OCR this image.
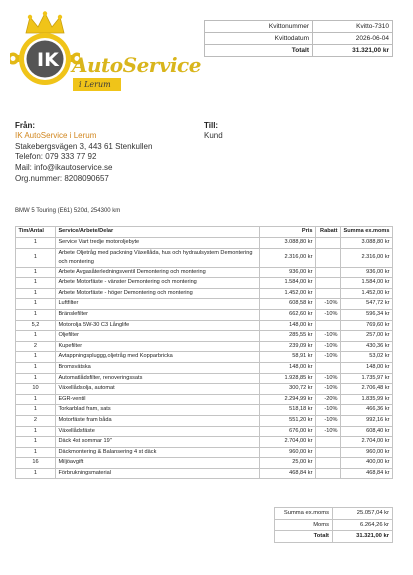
IK AutoService
i Lerum
Kvittonummer	Kvitto-7310
Kvittodatum	2026-06-04
Totalt	31.321,00 kr
Från:
IK AutoService i Lerum
Stakebergsvägen 3, 443 61 Stenkullen
Telefon: 079 333 77 92
Mail: info@ikautoservice.se
Org.nummer: 8208090657
Till:
Kund
BMW 5 Touring (E61) 520d, 254300 km
Tim/Antal	Service/Arbete/Delar	Pris	Rabatt	Summa ex.moms
1	Service Vart tredje motoroljebyte	3.088,80 kr		3.088,80 kr
1	Arbete Oljetråg med packning Växellåda, hus och hydraulsystem Demontering och montering	2.316,00 kr		2.316,00 kr
1	Arbete Avgasåterledningsventil Demontering och montering	936,00 kr		936,00 kr
1	Arbete Motorfäste - vänster Demontering och montering	1.584,00 kr		1.584,00 kr
1	Arbete Motorfäste - höger Demontering och montering	1.452,00 kr		1.452,00 kr
1	Luftfilter	608,58 kr	-10%	547,72 kr
1	Bränslefilter	662,60 kr	-10%	596,34 kr
5,2	Motorolja 5W-30 C3 Långlife	148,00 kr		769,60 kr
1	Oljefilter	285,55 kr	-10%	257,00 kr
2	Kupefilter	239,09 kr	-10%	430,36 kr
1	Avtappningspluggg,oljetråg med Kopparbricka	58,91 kr	-10%	53,02 kr
1	Bromsvätska	148,00 kr		148,00 kr
1	Automatlådsfilter, renoveringssats	1.928,85 kr	-10%	1.735,97 kr
10	Växellådsolja, automat	300,72 kr	-10%	2.706,48 kr
1	EGR-ventil	2.294,99 kr	-20%	1.835,99 kr
1	Torkarblad fram, sats	518,18 kr	-10%	466,36 kr
2	Motorfäste fram båda	551,20 kr	-10%	992,16 kr
1	Växellådsfäste	676,00 kr	-10%	608,40 kr
1	Däck 4st sommar 19"	2.704,00 kr		2.704,00 kr
1	Däckmontering & Balansering 4 st däck	960,00 kr		960,00 kr
16	Miljöavgift	25,00 kr		400,00 kr
1	Förbrukningsmaterial	468,84 kr		468,84 kr
Summa ex.moms	25.057,04 kr
Moms	6.264,26 kr
Totalt	31.321,00 kr
